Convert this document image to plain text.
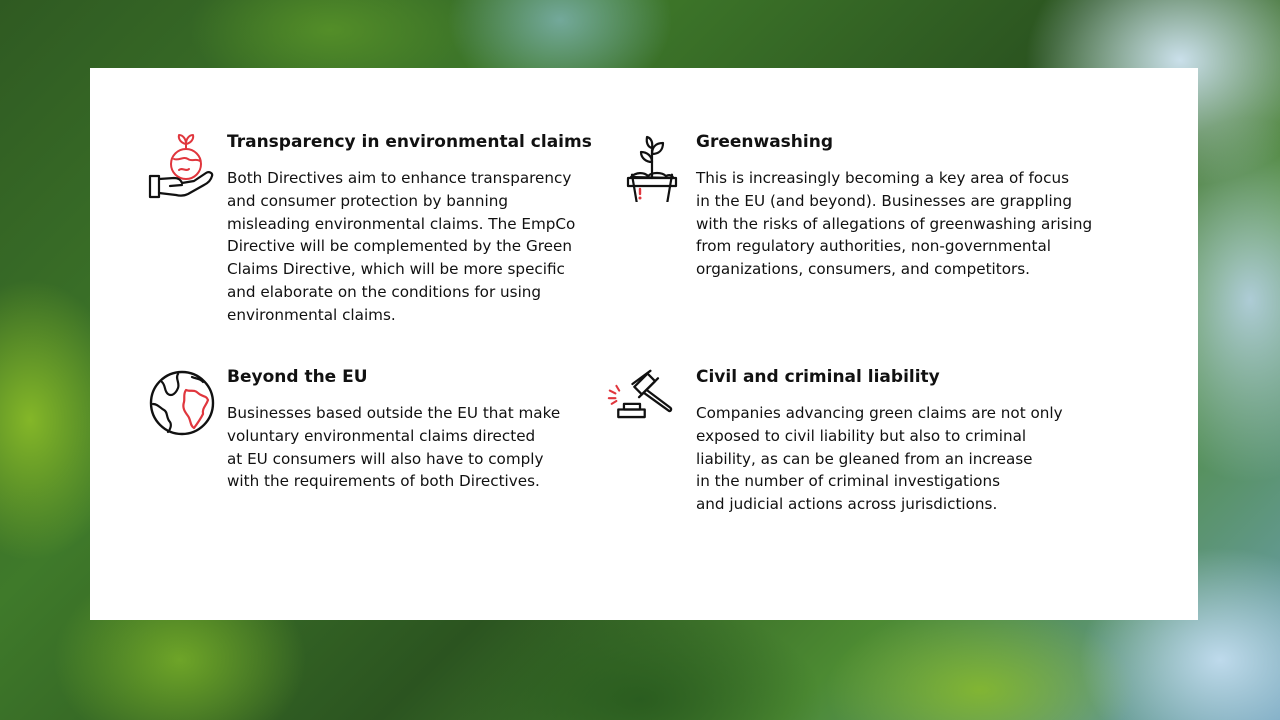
Transparency in environmental claims

Both Directives aim to enhance transparency
and consumer protection by banning
misleading environmental claims. The EmpCo
Directive will be complemented by the Green
Claims Directive, which will be more specific
and elaborate on the conditions for using
environmental claims.

Greenwashing

This is increasingly becoming a key area of focus
in the EU (and beyond). Businesses are grappling
with the risks of allegations of greenwashing arising
from regulatory authorities, non-governmental
organizations, consumers, and competitors.

Beyond the EU

Businesses based outside the EU that make
voluntary environmental claims directed
at EU consumers will also have to comply
with the requirements of both Directives.

Civil and criminal liability

Companies advancing green claims are not only
exposed to civil liability but also to criminal
liability, as can be gleaned from an increase
in the number of criminal investigations
and judicial actions across jurisdictions.
